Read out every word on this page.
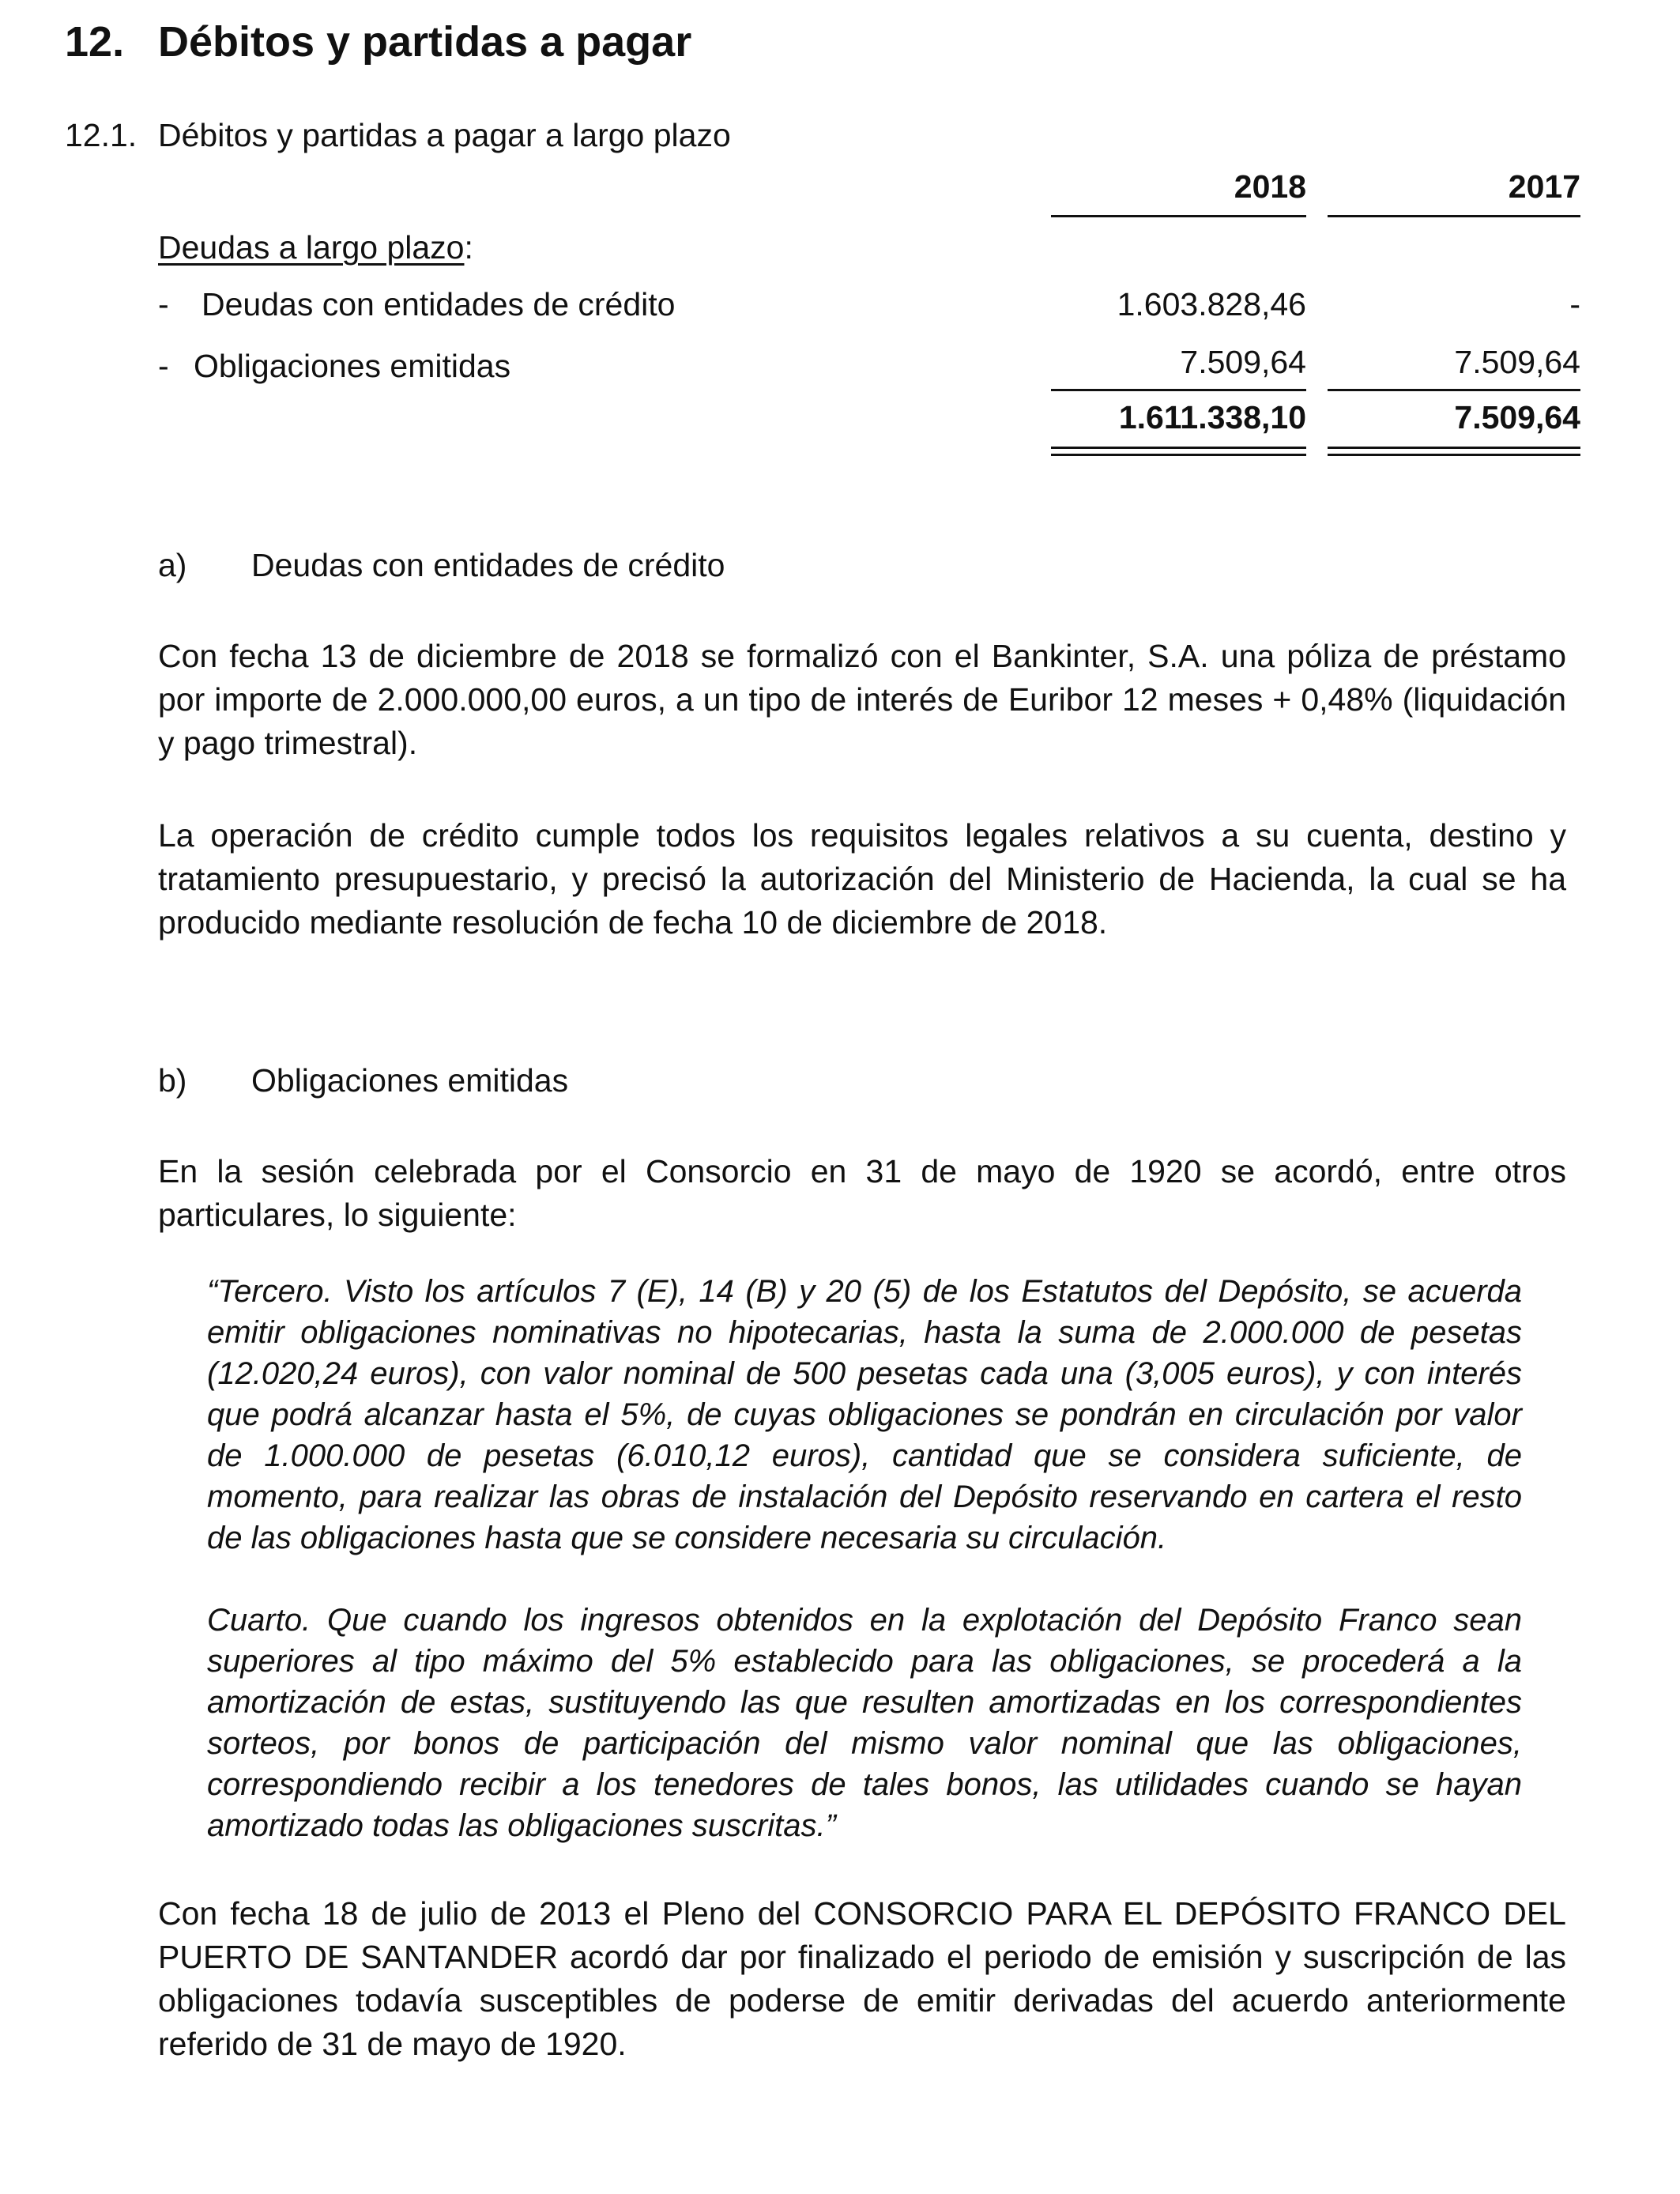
12. Débitos y partidas a pagar
12.1. Débitos y partidas a pagar a largo plazo
2018	2017
Deudas a largo plazo:
- Deudas con entidades de crédito	1.603.828,46	-
- Obligaciones emitidas	7.509,64	7.509,64
1.611.338,10	7.509,64
a) Deudas con entidades de crédito
Con fecha 13 de diciembre de 2018 se formalizó con el Bankinter, S.A. una póliza de préstamo por importe de 2.000.000,00 euros, a un tipo de interés de Euribor 12 meses + 0,48% (liquidación y pago trimestral).
La operación de crédito cumple todos los requisitos legales relativos a su cuenta, destino y tratamiento presupuestario, y precisó la autorización del Ministerio de Hacienda, la cual se ha producido mediante resolución de fecha 10 de diciembre de 2018.
b) Obligaciones emitidas
En la sesión celebrada por el Consorcio en 31 de mayo de 1920 se acordó, entre otros particulares, lo siguiente:
“Tercero. Visto los artículos 7 (E), 14 (B) y 20 (5) de los Estatutos del Depósito, se acuerda emitir obligaciones nominativas no hipotecarias, hasta la suma de 2.000.000 de pesetas (12.020,24 euros), con valor nominal de 500 pesetas cada una (3,005 euros), y con interés que podrá alcanzar hasta el 5%, de cuyas obligaciones se pondrán en circulación por valor de 1.000.000 de pesetas (6.010,12 euros), cantidad que se considera suficiente, de momento, para realizar las obras de instalación del Depósito reservando en cartera el resto de las obligaciones hasta que se considere necesaria su circulación.
Cuarto. Que cuando los ingresos obtenidos en la explotación del Depósito Franco sean superiores al tipo máximo del 5% establecido para las obligaciones, se procederá a la amortización de estas, sustituyendo las que resulten amortizadas en los correspondientes sorteos, por bonos de participación del mismo valor nominal que las obligaciones, correspondiendo recibir a los tenedores de tales bonos, las utilidades cuando se hayan amortizado todas las obligaciones suscritas.”
Con fecha 18 de julio de 2013 el Pleno del CONSORCIO PARA EL DEPÓSITO FRANCO DEL PUERTO DE SANTANDER acordó dar por finalizado el periodo de emisión y suscripción de las obligaciones todavía susceptibles de poderse de emitir derivadas del acuerdo anteriormente referido de 31 de mayo de 1920.
